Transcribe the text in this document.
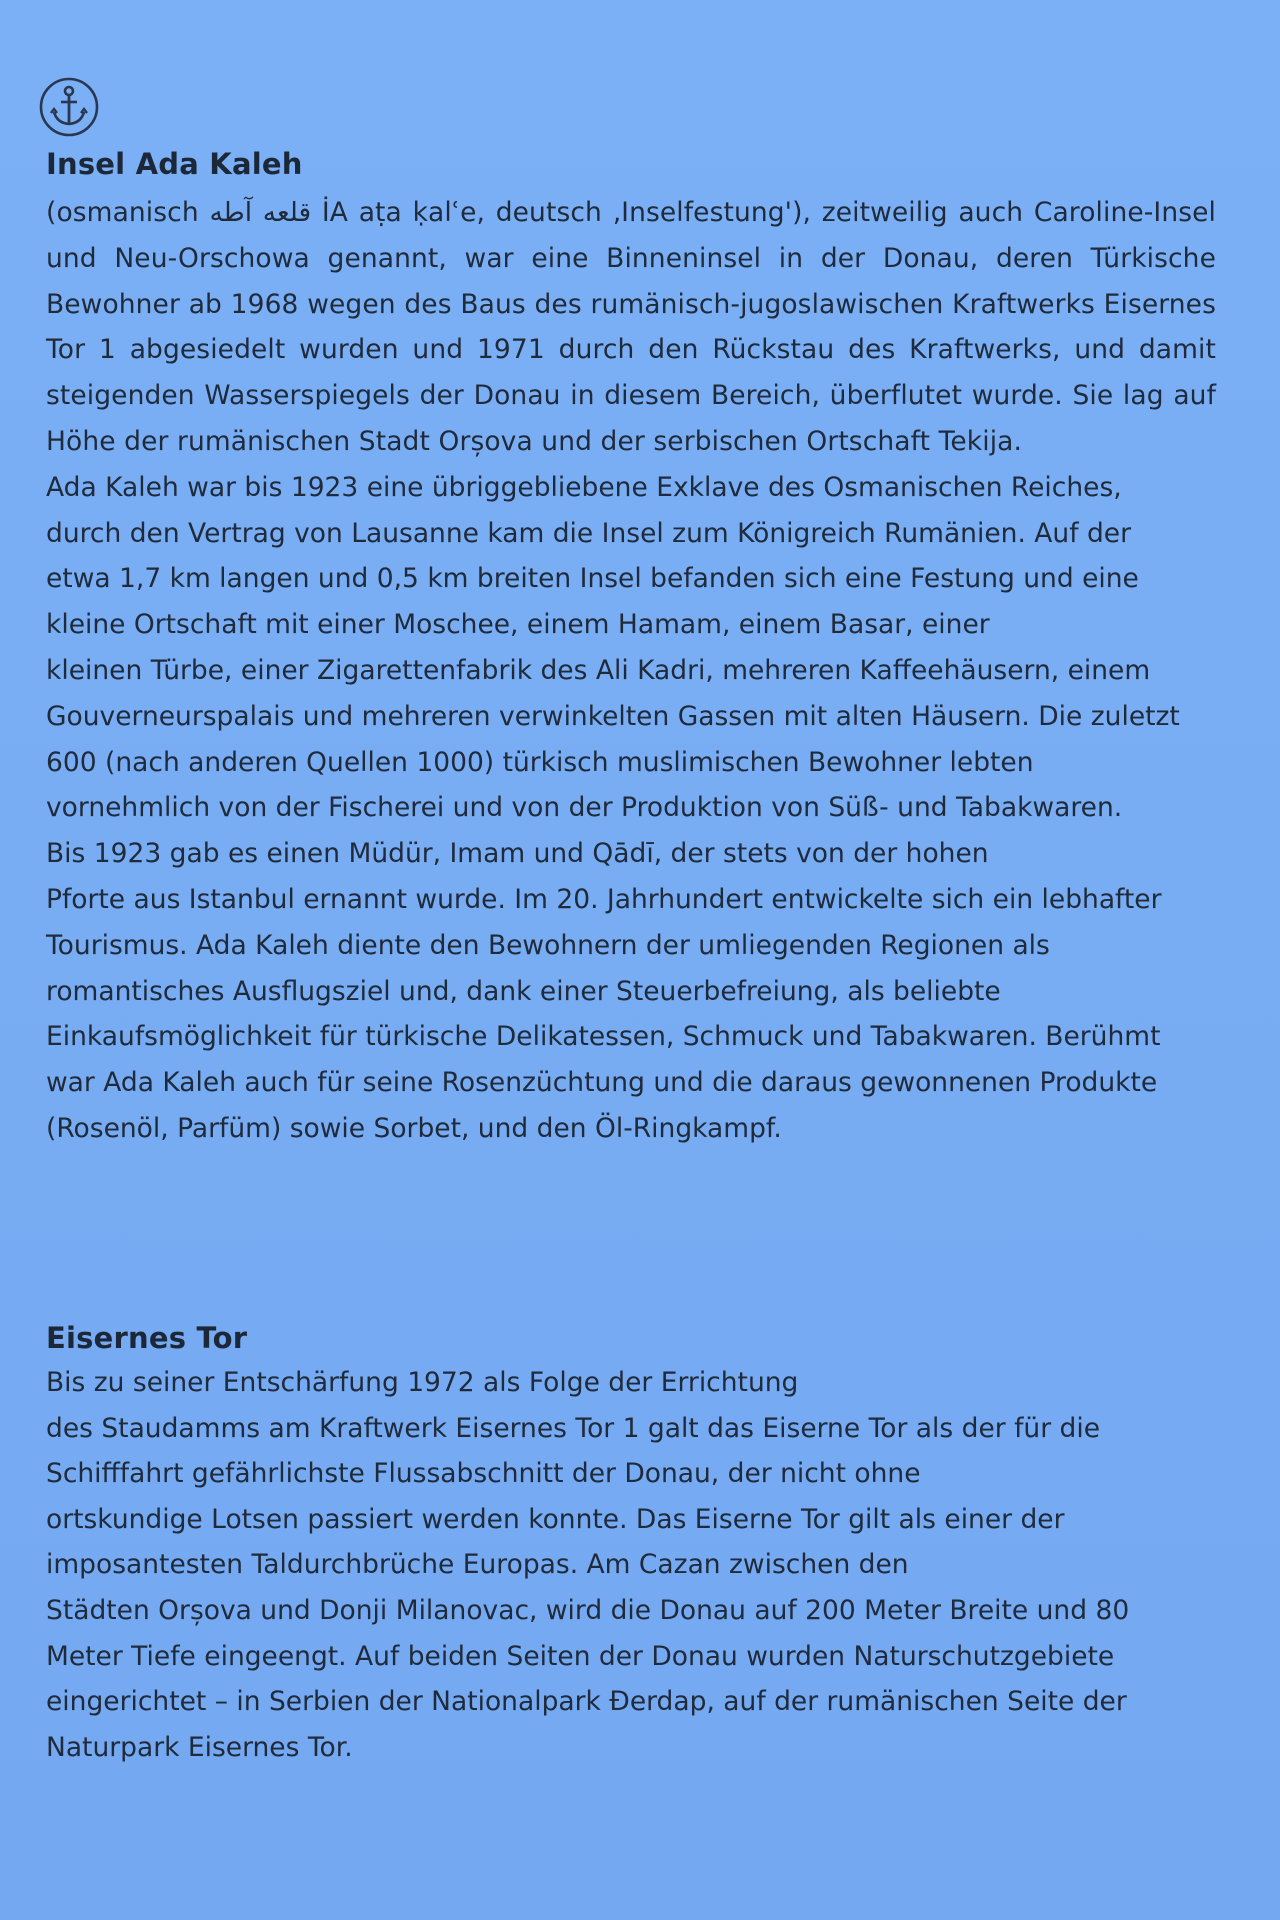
Insel Ada Kaleh

(osmanisch قلعه آطه İA aṭa ḳalʿe, deutsch ‚Inselfestung'), zeitweilig auch Caroline-Insel und Neu-Orschowa genannt, war eine Binneninsel in der Donau, deren Türkische Bewohner ab 1968 wegen des Baus des rumänisch-jugoslawischen Kraftwerks Eisernes Tor 1 abgesiedelt wurden und 1971 durch den Rückstau des Kraftwerks, und damit steigenden Wasserspiegels der Donau in diesem Bereich, überflutet wurde. Sie lag auf Höhe der rumänischen Stadt Orșova und der serbischen Ortschaft Tekija.

Ada Kaleh war bis 1923 eine übriggebliebene Exklave des Osmanischen Reiches,
durch den Vertrag von Lausanne kam die Insel zum Königreich Rumänien. Auf der
etwa 1,7 km langen und 0,5 km breiten Insel befanden sich eine Festung und eine
kleine Ortschaft mit einer Moschee, einem Hamam, einem Basar, einer
kleinen Türbe, einer Zigarettenfabrik des Ali Kadri, mehreren Kaffeehäusern, einem
Gouverneurspalais und mehreren verwinkelten Gassen mit alten Häusern. Die zuletzt
600 (nach anderen Quellen 1000) türkisch muslimischen Bewohner lebten
vornehmlich von der Fischerei und von der Produktion von Süß- und Tabakwaren.
Bis 1923 gab es einen Müdür, Imam und Qādī, der stets von der hohen
Pforte aus Istanbul ernannt wurde. Im 20. Jahrhundert entwickelte sich ein lebhafter
Tourismus. Ada Kaleh diente den Bewohnern der umliegenden Regionen als
romantisches Ausflugsziel und, dank einer Steuerbefreiung, als beliebte
Einkaufsmöglichkeit für türkische Delikatessen, Schmuck und Tabakwaren. Berühmt
war Ada Kaleh auch für seine Rosenzüchtung und die daraus gewonnenen Produkte
(Rosenöl, Parfüm) sowie Sorbet, und den Öl-Ringkampf.
Eisernes Tor
Bis zu seiner Entschärfung 1972 als Folge der Errichtung
des Staudamms am Kraftwerk Eisernes Tor 1 galt das Eiserne Tor als der für die
Schifffahrt gefährlichste Flussabschnitt der Donau, der nicht ohne
ortskundige Lotsen passiert werden konnte. Das Eiserne Tor gilt als einer der
imposantesten Taldurchbrüche Europas. Am Cazan zwischen den
Städten Orșova und Donji Milanovac, wird die Donau auf 200 Meter Breite und 80
Meter Tiefe eingeengt. Auf beiden Seiten der Donau wurden Naturschutzgebiete
eingerichtet – in Serbien der Nationalpark Đerdap, auf der rumänischen Seite der
Naturpark Eisernes Tor.
